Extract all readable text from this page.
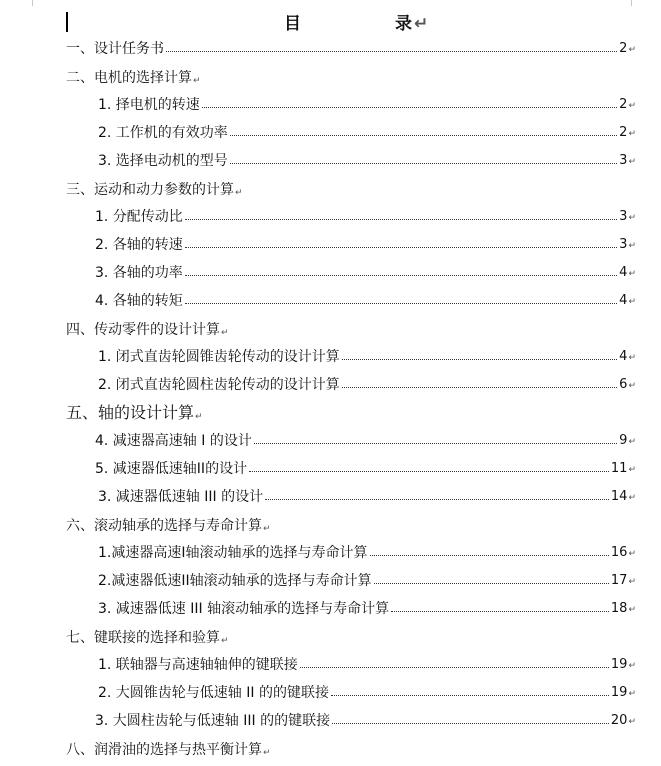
目	录↵
一、设计任务书	2 ↵
二、电机的选择计算↵
1. 择电机的转速	2 ↵
2. 工作机的有效功率	2 ↵
3. 选择电动机的型号	3 ↵
三、运动和动力参数的计算↵
1. 分配传动比	3 ↵
2. 各轴的转速	3 ↵
3. 各轴的功率	4 ↵
4. 各轴的转矩	4 ↵
四、传动零件的设计计算↵
1. 闭式直齿轮圆锥齿轮传动的设计计算	4 ↵
2. 闭式直齿轮圆柱齿轮传动的设计计算	6 ↵
五、轴的设计计算↵
4. 减速器高速轴 I 的设计	9 ↵
5. 减速器低速轴II的设计	11 ↵
3. 减速器低速轴 III 的设计	14 ↵
六、滚动轴承的选择与寿命计算↵
1.减速器高速I轴滚动轴承的选择与寿命计算	16 ↵
2.减速器低速II轴滚动轴承的选择与寿命计算	17 ↵
3. 减速器低速 III 轴滚动轴承的选择与寿命计算	18 ↵
七、键联接的选择和验算↵
1. 联轴器与高速轴轴伸的键联接	19 ↵
2. 大圆锥齿轮与低速轴 II 的的键联接	19 ↵
3. 大圆柱齿轮与低速轴 III 的的键联接	20 ↵
八、润滑油的选择与热平衡计算↵
